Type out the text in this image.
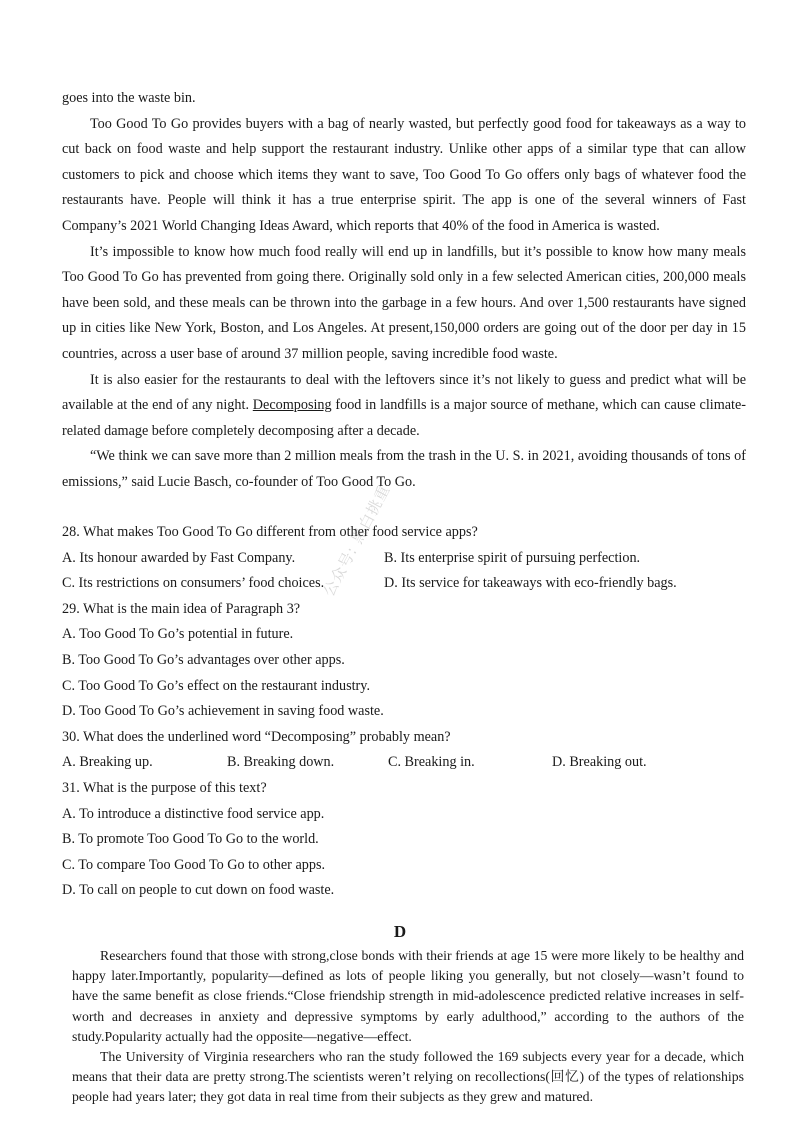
goes into the waste bin.

Too Good To Go provides buyers with a bag of nearly wasted, but perfectly good food for takeaways as a way to cut back on food waste and help support the restaurant industry. Unlike other apps of a similar type that can allow customers to pick and choose which items they want to save, Too Good To Go offers only bags of whatever food the restaurants have. People will think it has a true enterprise spirit. The app is one of the several winners of Fast Company’s 2021 World Changing Ideas Award, which reports that 40% of the food in America is wasted.

It’s impossible to know how much food really will end up in landfills, but it’s possible to know how many meals Too Good To Go has prevented from going there. Originally sold only in a few selected American cities, 200,000 meals have been sold, and these meals can be thrown into the garbage in a few hours. And over 1,500 restaurants have signed up in cities like New York, Boston, and Los Angeles. At present,150,000 orders are going out of the door per day in 15 countries, across a user base of around 37 million people, saving incredible food waste.

It is also easier for the restaurants to deal with the leftovers since it’s not likely to guess and predict what will be available at the end of any night. Decomposing food in landfills is a major source of methane, which can cause climate-related damage before completely decomposing after a decade.

“We think we can save more than 2 million meals from the trash in the U. S. in 2021, avoiding thousands of tons of emissions,” said Lucie Basch, co-founder of Too Good To Go.

28. What makes Too Good To Go different from other food service apps?
A. Its honour awarded by Fast Company.	B. Its enterprise spirit of pursuing perfection.
C. Its restrictions on consumers’ food choices.	D. Its service for takeaways with eco-friendly bags.
29. What is the main idea of Paragraph 3?
A. Too Good To Go’s potential in future.
B. Too Good To Go’s advantages over other apps.
C. Too Good To Go’s effect on the restaurant industry.
D. Too Good To Go’s achievement in saving food waste.
30. What does the underlined word “Decomposing” probably mean?
A. Breaking up.	B. Breaking down.	C. Breaking in.	D. Breaking out.
31. What is the purpose of this text?
A. To introduce a distinctive food service app.
B. To promote Too Good To Go to the world.
C. To compare Too Good To Go to other apps.
D. To call on people to cut down on food waste.
D

Researchers found that those with strong,close bonds with their friends at age 15 were more likely to be healthy and happy later.Importantly, popularity—defined as lots of people liking you generally, but not closely—wasn’t found to have the same benefit as close friends.“Close friendship strength in mid-adolescence predicted relative increases in self-worth and decreases in anxiety and depressive symptoms by early adulthood,” according to the authors of the study.Popularity actually had the opposite—negative—effect.

The University of Virginia researchers who ran the study followed the 169 subjects every year for a decade, which means that their data are pretty strong.The scientists weren’t relying on recollections(回忆) of the types of relationships people had years later; they got data in real time from their subjects as they grew and matured.

公众号: 黑白挑重
